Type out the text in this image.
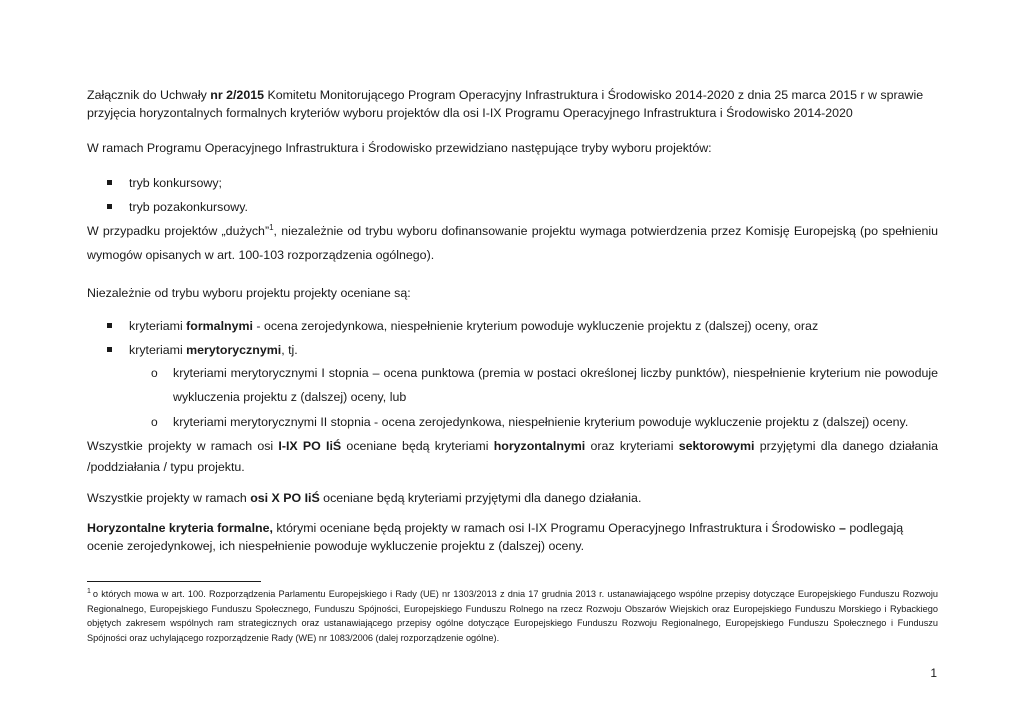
Załącznik do Uchwały nr 2/2015 Komitetu Monitorującego Program Operacyjny Infrastruktura i Środowisko 2014-2020 z dnia 25 marca 2015 r w sprawie przyjęcia horyzontalnych formalnych kryteriów wyboru projektów dla osi I-IX Programu Operacyjnego Infrastruktura i Środowisko 2014-2020

W ramach Programu Operacyjnego Infrastruktura i Środowisko przewidziano następujące tryby wyboru projektów:

tryb konkursowy;
tryb pozakonkursowy.

W przypadku projektów „dużych”$^1$, niezależnie od trybu wyboru dofinansowanie projektu wymaga potwierdzenia przez Komisję Europejską (po spełnieniu wymogów opisanych w art. 100-103 rozporządzenia ogólnego).

Niezależnie od trybu wyboru projektu projekty oceniane są:

kryteriami formalnymi - ocena zerojedynkowa, niespełnienie kryterium powoduje wykluczenie projektu z (dalszej) oceny, oraz
kryteriami merytorycznymi, tj.
o kryteriami merytorycznymi I stopnia – ocena punktowa (premia w postaci określonej liczby punktów), niespełnienie kryterium nie powoduje wykluczenia projektu z (dalszej) oceny, lub
o kryteriami merytorycznymi II stopnia - ocena zerojedynkowa, niespełnienie kryterium powoduje wykluczenie projektu z (dalszej) oceny.

Wszystkie projekty w ramach osi I-IX PO IiŚ oceniane będą kryteriami horyzontalnymi oraz kryteriami sektorowymi przyjętymi dla danego działania /poddziałania / typu projektu.

Wszystkie projekty w ramach osi X PO IiŚ oceniane będą kryteriami przyjętymi dla danego działania.

Horyzontalne kryteria formalne, którymi oceniane będą projekty w ramach osi I-IX Programu Operacyjnego Infrastruktura i Środowisko – podlegają ocenie zerojedynkowej, ich niespełnienie powoduje wykluczenie projektu z (dalszej) oceny.

$^1$ o których mowa w art. 100. Rozporządzenia Parlamentu Europejskiego i Rady (UE) nr 1303/2013 z dnia 17 grudnia 2013 r. ustanawiającego wspólne przepisy dotyczące Europejskiego Funduszu Rozwoju Regionalnego, Europejskiego Funduszu Społecznego, Funduszu Spójności, Europejskiego Funduszu Rolnego na rzecz Rozwoju Obszarów Wiejskich oraz Europejskiego Funduszu Morskiego i Rybackiego objętych zakresem wspólnych ram strategicznych oraz ustanawiającego przepisy ogólne dotyczące Europejskiego Funduszu Rozwoju Regionalnego, Europejskiego Funduszu Społecznego i Funduszu Spójności oraz uchylającego rozporządzenie Rady (WE) nr 1083/2006 (dalej rozporządzenie ogólne).

1
